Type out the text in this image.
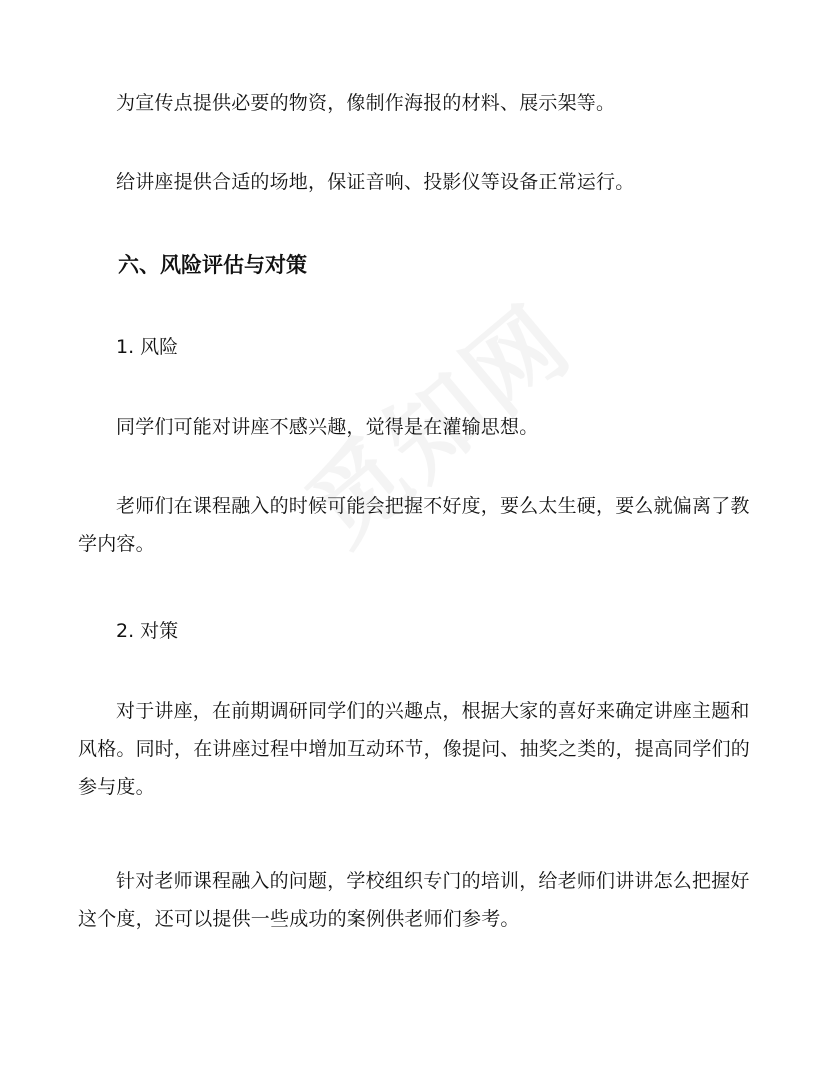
为宣传点提供必要的物资，像制作海报的材料、展示架等。

给讲座提供合适的场地，保证音响、投影仪等设备正常运行。

六、风险评估与对策

1. 风险

同学们可能对讲座不感兴趣，觉得是在灌输思想。

老师们在课程融入的时候可能会把握不好度，要么太生硬，要么就偏离了教学内容。

2. 对策

对于讲座，在前期调研同学们的兴趣点，根据大家的喜好来确定讲座主题和风格。同时，在讲座过程中增加互动环节，像提问、抽奖之类的，提高同学们的参与度。

针对老师课程融入的问题，学校组织专门的培训，给老师们讲讲怎么把握好这个度，还可以提供一些成功的案例供老师们参考。
